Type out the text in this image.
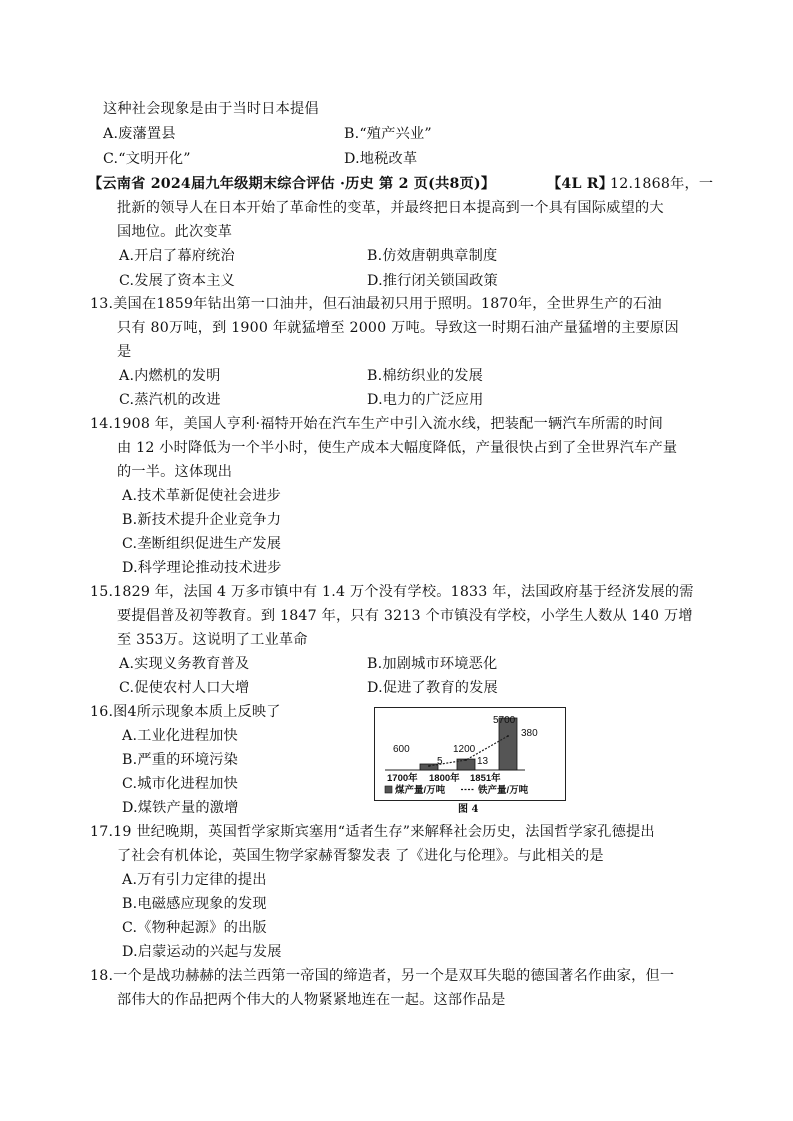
这种社会现象是由于当时日本提倡
A.废藩置县	B.“殖产兴业”
C.“文明开化”	D.地税改革
【云南省 2024届九年级期末综合评估 ·历史 第 2 页(共8页)】	【4L R】
12.1868年，一
批新的领导人在日本开始了革命性的变革，并最终把日本提高到一个具有国际威望的大
国地位。此次变革
A.开启了幕府统治	B.仿效唐朝典章制度
C.发展了资本主义	D.推行闭关锁国政策
13.美国在1859年钻出第一口油井，但石油最初只用于照明。1870年，全世界生产的石油
只有 80万吨，到 1900 年就猛增至 2000 万吨。导致这一时期石油产量猛增的主要原因
是
A.内燃机的发明	B.棉纺织业的发展
C.蒸汽机的改进	D.电力的广泛应用
14.1908 年，美国人亨利·福特开始在汽车生产中引入流水线，把装配一辆汽车所需的时间
由 12 小时降低为一个半小时，使生产成本大幅度降低，产量很快占到了全世界汽车产量
的一半。这体现出
A.技术革新促使社会进步
B.新技术提升企业竞争力
C.垄断组织促进生产发展
D.科学理论推动技术进步
15.1829 年，法国 4 万多市镇中有 1.4 万个没有学校。1833 年，法国政府基于经济发展的需
要提倡普及初等教育。到 1847 年，只有 3213 个市镇没有学校，小学生人数从 140 万增
至 353万。这说明了工业革命
A.实现义务教育普及	B.加剧城市环境恶化
C.促使农村人口大增	D.促进了教育的发展
16.图4所示现象本质上反映了
A.工业化进程加快
B.严重的环境污染
C.城市化进程加快
D.煤铁产量的激增
600	1200
5700
5	13
380
1700年 1800年 1851年
煤产量/万吨	铁产量/万吨
图 4
17.19 世纪晚期，英国哲学家斯宾塞用“适者生存”来解释社会历史，法国哲学家孔德提出
了社会有机体论，英国生物学家赫胥黎发表 了《进化与伦理》。与此相关的是
A.万有引力定律的提出
B.电磁感应现象的发现
C.《物种起源》的出版
D.启蒙运动的兴起与发展
18.一个是战功赫赫的法兰西第一帝国的缔造者，另一个是双耳失聪的德国著名作曲家，但一
部伟大的作品把两个伟大的人物紧紧地连在一起。这部作品是
